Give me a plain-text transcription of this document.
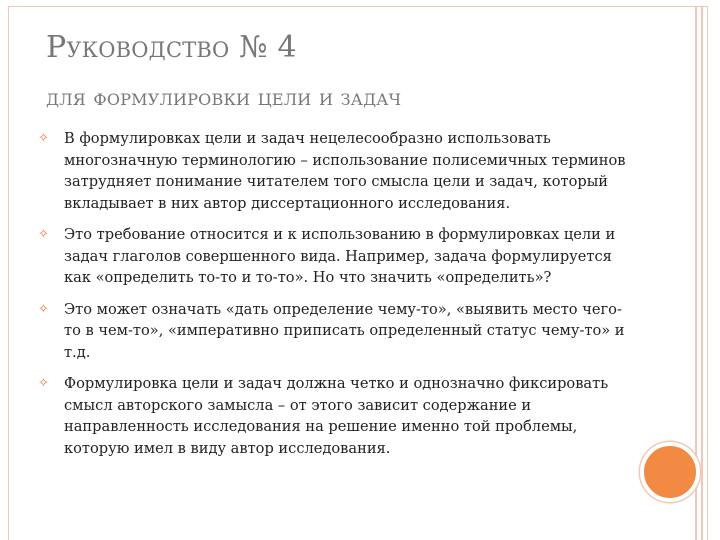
Руководство № 4
для формулировки цели и задач
✧ В формулировках цели и задач нецелесообразно использовать многозначную терминологию – использование полисемичных терминов затрудняет понимание читателем того смысла цели и задач, который вкладывает в них автор диссертационного исследования.
✧ Это требование относится и к использованию в формулировках цели и задач глаголов совершенного вида. Например, задача формулируется как «определить то-то и то-то». Но что значить «определить»?
✧ Это может означать «дать определение чему-то», «выявить место чего-то в чем-то», «императивно приписать определенный статус чему-то» и т.д.
✧ Формулировка цели и задач должна четко и однозначно фиксировать смысл авторского замысла – от этого зависит содержание и направленность исследования на решение именно той проблемы, которую имел в виду автор исследования.
